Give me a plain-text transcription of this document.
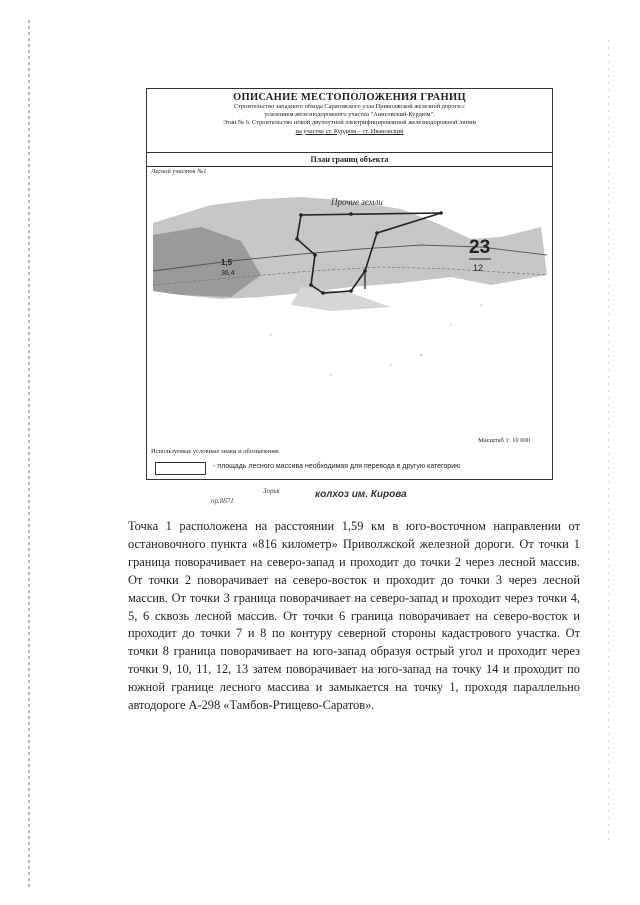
ОПИСАНИЕ МЕСТОПОЛОЖЕНИЯ ГРАНИЦ
Строительство западного обхода Саратовского узла Приволжской железной дороги с
усилением железнодорожного участка "Анисовский-Курдюм".
Этап № 6. Строительство новой двухпутной электрифицированной железнодорожной линии
на участке ст. Курдюм – ст. Ивановский

План границ объекта
Лесной участок №1
Прочие земли
23
12
1,5
36,4
колхоз им. Кирова
Зорьк
пр.8871
Масштаб 1: 10 000
Используемые условные знаки и обозначения:
- площадь лесного массива необходимая для перевода в другую категорию

Точка 1 расположена на расстоянии 1,59 км в юго-восточном направлении от остановочного пункта «816 километр» Приволжской железной дороги. От точки 1 граница поворачивает на северо-запад и проходит до точки 2 через лесной массив. От точки 2 поворачивает на северо-восток и проходит до точки 3 через лесной массив. От точки 3 граница поворачивает на северо-запад и проходит через точки 4, 5, 6 сквозь лесной массив. От точки 6 граница поворачивает на северо-восток и проходит до точки 7 и 8 по контуру северной стороны кадастрового участка. От точки 8 граница поворачивает на юго-запад образуя острый угол и проходит через точки 9, 10, 11, 12, 13 затем поворачивает на юго-запад на точку 14 и проходит по южной границе лесного массива и замыкается на точку 1, проходя параллельно автодороге А-298 «Тамбов-Ртищево-Саратов».
